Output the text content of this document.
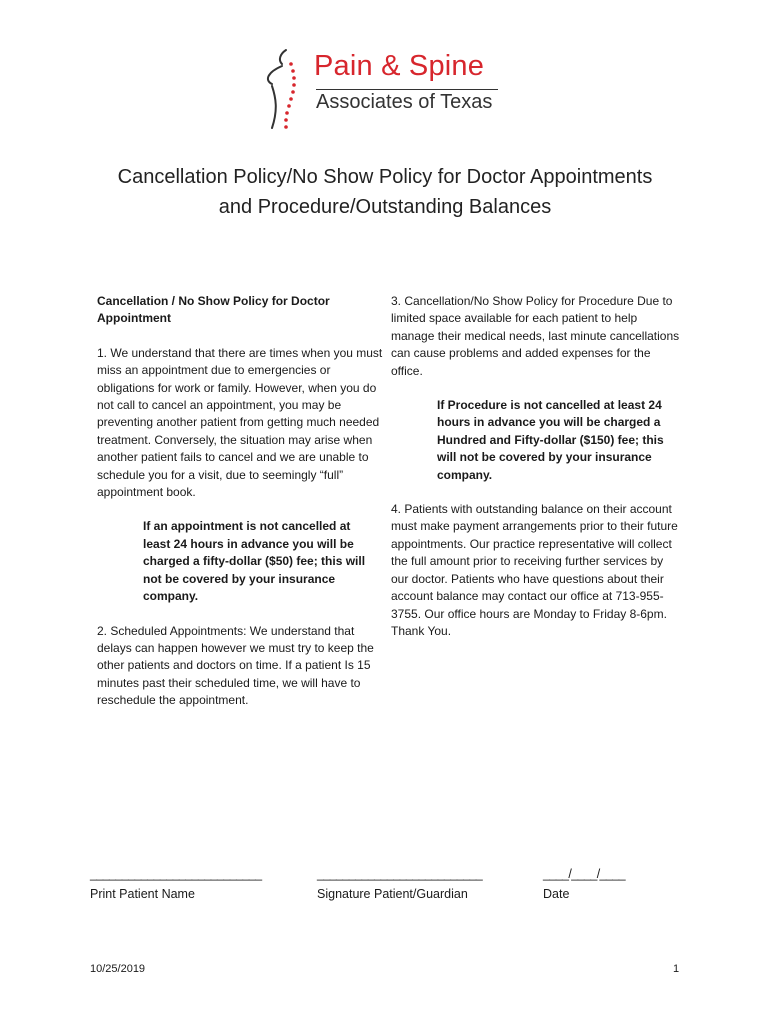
Pain & Spine
Associates of Texas
Cancellation Policy/No Show Policy for Doctor Appointments
and Procedure/Outstanding Balances

Cancellation / No Show Policy for Doctor Appointment

1. We understand that there are times when you must miss an appointment due to emergencies or obligations for work or family. However, when you do not call to cancel an appointment, you may be preventing another patient from getting much needed treatment. Conversely, the situation may arise when another patient fails to cancel and we are unable to schedule you for a visit, due to seemingly “full” appointment book.

If an appointment is not cancelled at least 24 hours in advance you will be charged a fifty-dollar ($50) fee; this will not be covered by your insurance company.

2. Scheduled Appointments: We understand that delays can happen however we must try to keep the other patients and doctors on time. If a patient Is 15 minutes past their scheduled time, we will have to reschedule the appointment.

3. Cancellation/No Show Policy for Procedure Due to limited space available for each patient to help manage their medical needs, last minute cancellations can cause problems and added expenses for the office.

If Procedure is not cancelled at least 24 hours in advance you will be charged a Hundred and Fifty-dollar ($150) fee; this will not be covered by your insurance company.

4. Patients with outstanding balance on their account must make payment arrangements prior to their future appointments. Our practice representative will collect the full amount prior to receiving further services by our doctor. Patients who have questions about their account balance may contact our office at 713-955-3755. Our office hours are Monday to Friday 8-6pm. Thank You.

___________________________
Print Patient Name
__________________________
Signature Patient/Guardian
____/____/____
Date
10/25/2019	1
